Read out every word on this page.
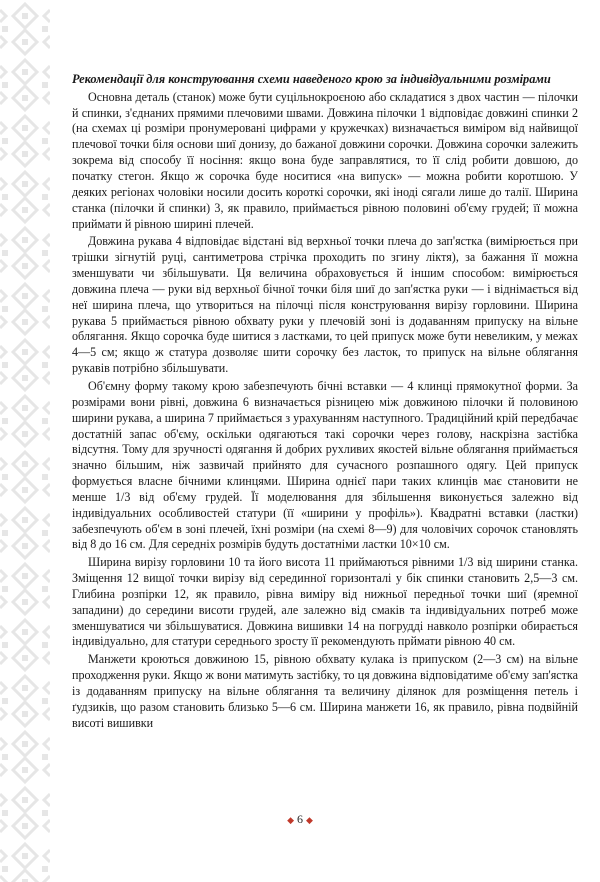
Рекомендації для конструювання схеми наведеного крою за індивідуальними розмірами

Основна деталь (станок) може бути суцільнокроєною або складатися з двох частин — пілочки й спинки, з'єднаних прямими плечовими швами. Довжина пілочки 1 відповідає довжині спинки 2 (на схемах ці розміри пронумеровані цифрами у кружечках) визначається виміром від найвищої плечової точки біля основи шиї донизу, до бажаної довжини сорочки. Довжина сорочки залежить зокрема від способу її носіння: якщо вона буде заправлятися, то її слід робити довшою, до початку стегон. Якщо ж сорочка буде носитися «на випуск» — можна робити коротшою. У деяких регіонах чоловіки носили досить короткі сорочки, які іноді сягали лише до талії. Ширина станка (пілочки й спинки) 3, як правило, приймається рівною половині об'єму грудей; її можна приймати й рівною ширині плечей.

Довжина рукава 4 відповідає відстані від верхньої точки плеча до зап'ястка (вимірюється при трішки зігнутій руці, сантиметрова стрічка проходить по згину ліктя), за бажання її можна зменшувати чи збільшувати. Ця величина обраховується й іншим способом: вимірюється довжина плеча — руки від верхньої бічної точки біля шиї до зап'ястка руки — і віднімається від неї ширина плеча, що утвориться на пілочці після конструювання вирізу горловини. Ширина рукава 5 приймається рівною обхвату руки у плечовій зоні із додаванням припуску на вільне облягання. Якщо сорочка буде шитися з ластками, то цей припуск може бути невеликим, у межах 4—5 см; якщо ж статура дозволяє шити сорочку без ласток, то припуск на вільне облягання рукавів потрібно збільшувати.

Об'ємну форму такому крою забезпечують бічні вставки — 4 клинці прямокутної форми. За розмірами вони рівні, довжина 6 визначається різницею між довжиною пілочки й половиною ширини рукава, а ширина 7 приймається з урахуванням наступного. Традиційний крій передбачає достатній запас об'єму, оскільки одягаються такі сорочки через голову, наскрізна застібка відсутня. Тому для зручності одягання й добрих рухливих якостей вільне облягання приймається значно більшим, ніж зазвичай прийнято для сучасного розпашного одягу. Цей припуск формується власне бічними клинцями. Ширина однієї пари таких клинців має становити не менше 1/3 від об'єму грудей. Її моделювання для збільшення виконується залежно від індивідуальних особливостей статури (її «ширини у профіль»). Квадратні вставки (ластки) забезпечують об'єм в зоні плечей, їхні розміри (на схемі 8—9) для чоловічих сорочок становлять від 8 до 16 см. Для середніх розмірів будуть достатніми ластки 10×10 см.

Ширина вирізу горловини 10 та його висота 11 приймаються рівними 1/3 від ширини станка. Зміщення 12 вищої точки вирізу від серединної горизонталі у бік спинки становить 2,5—3 см. Глибина розпірки 12, як правило, рівна виміру від нижньої передньої точки шиї (яремної западини) до середини висоти грудей, але залежно від смаків та індивідуальних потреб може зменшуватися чи збільшуватися. Довжина вишивки 14 на погрудді навколо розпірки обирається індивідуально, для статури середнього зросту її рекомендують прймати рівною 40 см.

Манжети кроються довжиною 15, рівною обхвату кулака із припуском (2—3 см) на вільне проходження руки. Якщо ж вони матимуть застібку, то ця довжина відповідатиме об'єму зап'ястка із додаванням припуску на вільне облягання та величину ділянок для розміщення петель і ґудзиків, що разом становить близько 5—6 см. Ширина манжети 16, як правило, рівна подвійній висоті вишивки

◆ 6 ◆
